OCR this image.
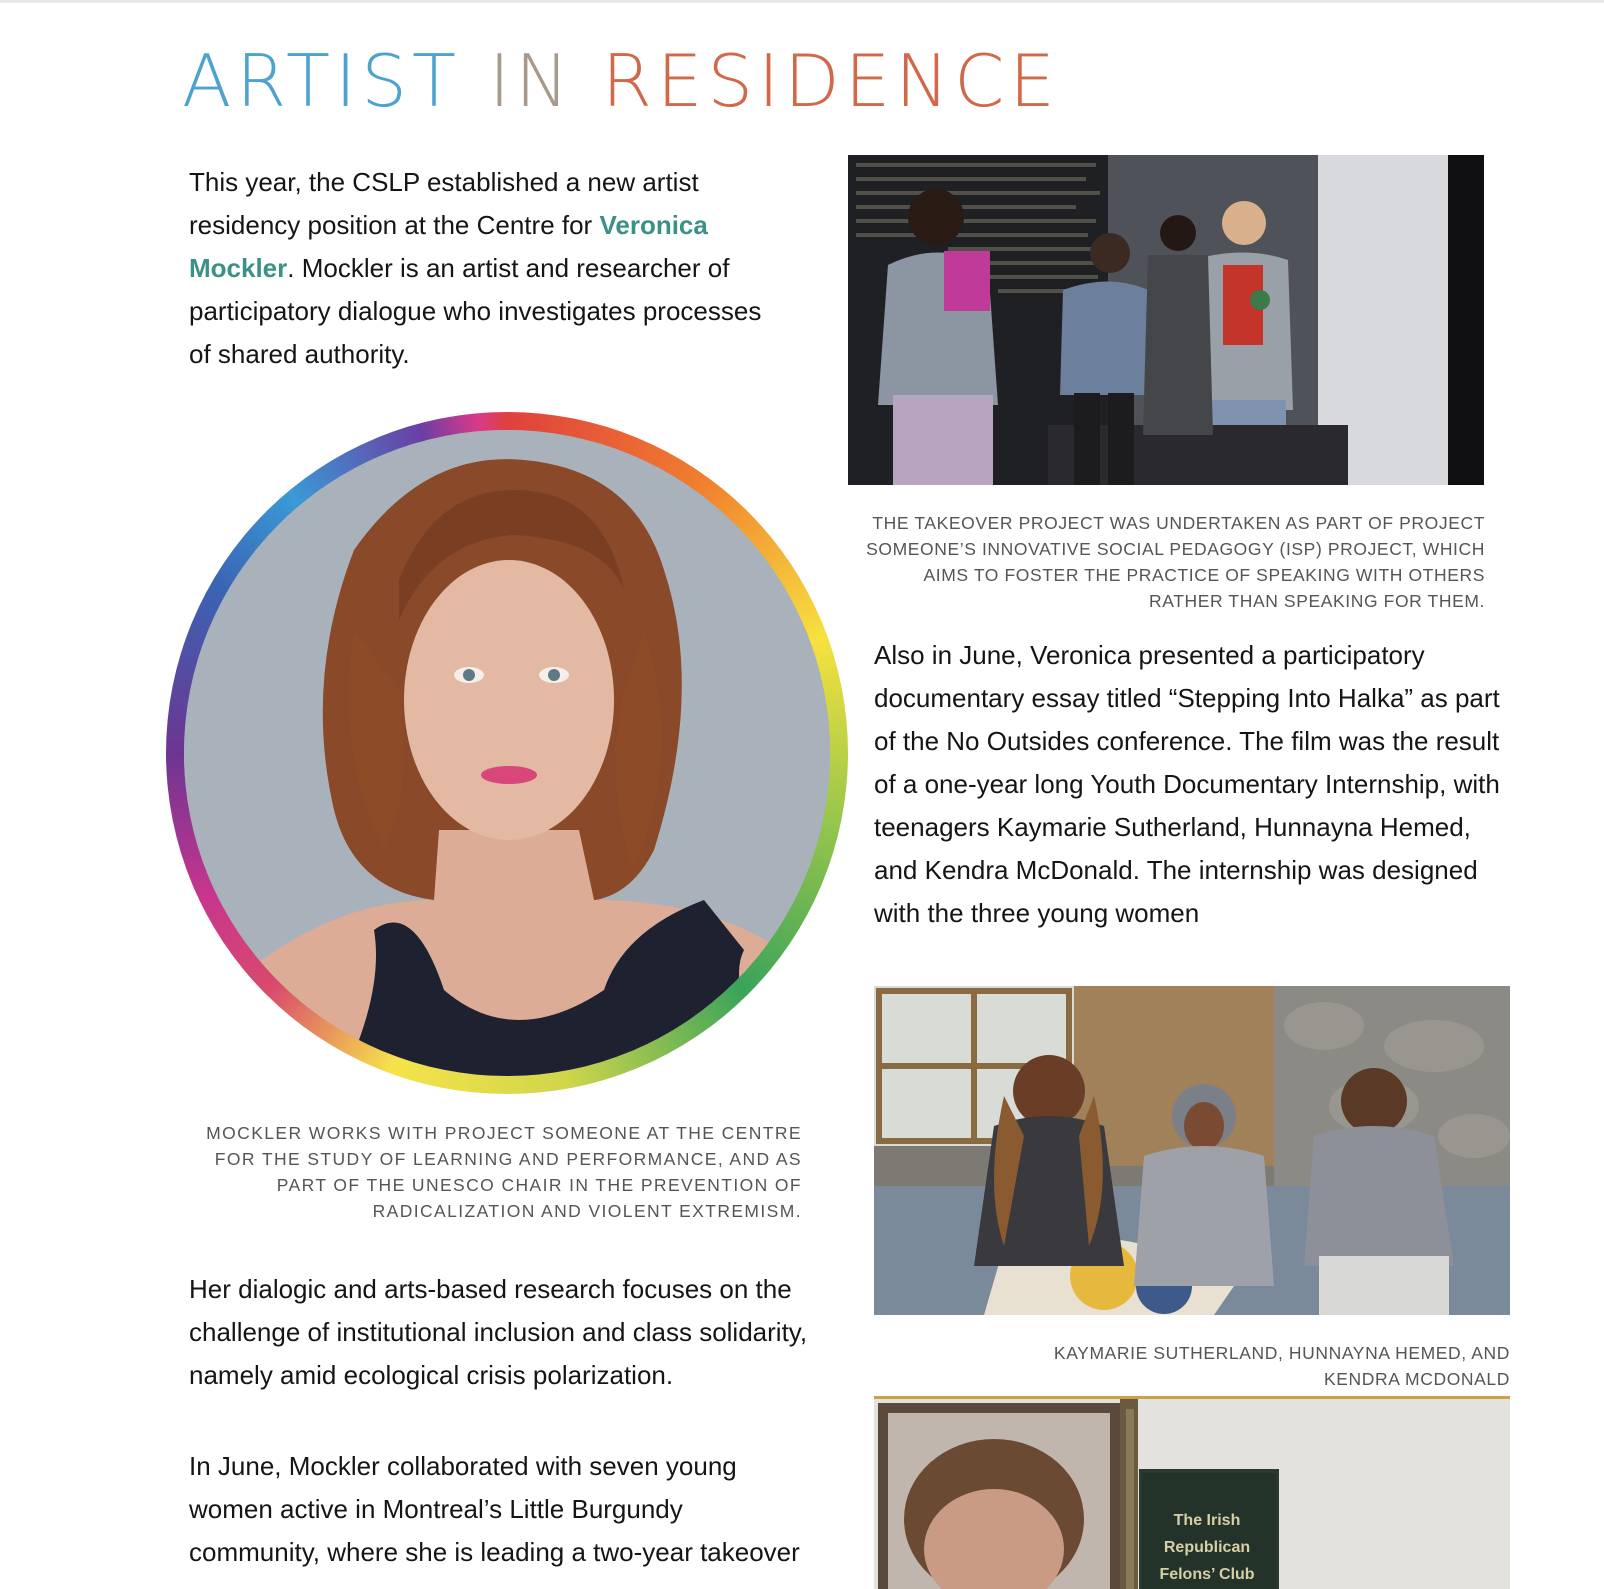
ARTIST IN RESIDENCE

This year, the CSLP established a new artist residency position at the Centre for Veronica Mockler. Mockler is an artist and researcher of participatory dialogue who investigates processes of shared authority.

THE TAKEOVER PROJECT WAS UNDERTAKEN AS PART OF PROJECT SOMEONE’S INNOVATIVE SOCIAL PEDAGOGY (ISP) PROJECT, WHICH AIMS TO FOSTER THE PRACTICE OF SPEAKING WITH OTHERS RATHER THAN SPEAKING FOR THEM.

MOCKLER WORKS WITH PROJECT SOMEONE AT THE CENTRE FOR THE STUDY OF LEARNING AND PERFORMANCE, AND AS PART OF THE UNESCO CHAIR IN THE PREVENTION OF RADICALIZATION AND VIOLENT EXTREMISM.

Also in June, Veronica presented a participatory documentary essay titled “Stepping Into Halka” as part of the No Outsides conference. The film was the result of a one-year long Youth Documentary Internship, with teenagers Kaymarie Sutherland, Hunnayna Hemed, and Kendra McDonald. The internship was designed with the three young women

KAYMARIE SUTHERLAND, HUNNAYNA HEMED, AND KENDRA MCDONALD

The Irish Republican Felons’ Club

Her dialogic and arts-based research focuses on the challenge of institutional inclusion and class solidarity, namely amid ecological crisis polarization.

In June, Mockler collaborated with seven young women active in Montreal’s Little Burgundy community, where she is leading a two-year takeover
